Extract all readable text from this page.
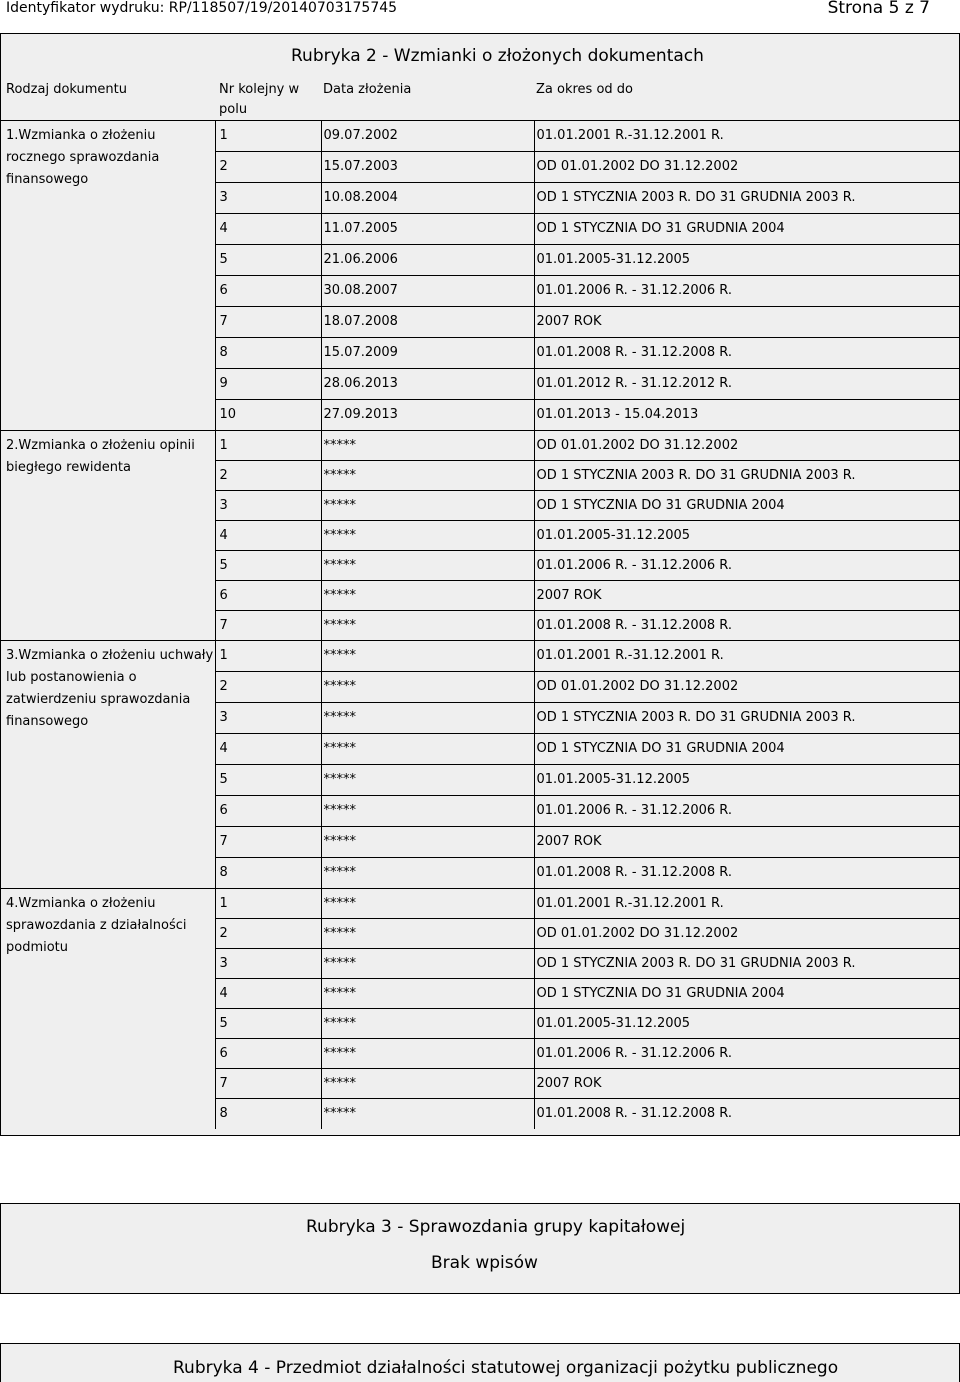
Identyfikator wydruku: RP/118507/19/20140703175745	Strona 5 z 7
Rubryka 2 - Wzmianki o złożonych dokumentach
Rodzaj dokumentu	Nr kolejny w polu	Data złożenia	Za okres od do
1.Wzmianka o złożeniu rocznego sprawozdania finansowego	1	09.07.2002	01.01.2001 R.-31.12.2001 R.
	2	15.07.2003	OD 01.01.2002 DO 31.12.2002
	3	10.08.2004	OD 1 STYCZNIA 2003 R. DO 31 GRUDNIA 2003 R.
	4	11.07.2005	OD 1 STYCZNIA DO 31 GRUDNIA 2004
	5	21.06.2006	01.01.2005-31.12.2005
	6	30.08.2007	01.01.2006 R. - 31.12.2006 R.
	7	18.07.2008	2007 ROK
	8	15.07.2009	01.01.2008 R. - 31.12.2008 R.
	9	28.06.2013	01.01.2012 R. - 31.12.2012 R.
	10	27.09.2013	01.01.2013 - 15.04.2013
2.Wzmianka o złożeniu opinii biegłego rewidenta	1	*****	OD 01.01.2002 DO 31.12.2002
	2	*****	OD 1 STYCZNIA 2003 R. DO 31 GRUDNIA 2003 R.
	3	*****	OD 1 STYCZNIA DO 31 GRUDNIA 2004
	4	*****	01.01.2005-31.12.2005
	5	*****	01.01.2006 R. - 31.12.2006 R.
	6	*****	2007 ROK
	7	*****	01.01.2008 R. - 31.12.2008 R.
3.Wzmianka o złożeniu uchwały lub postanowienia o zatwierdzeniu sprawozdania finansowego	1	*****	01.01.2001 R.-31.12.2001 R.
	2	*****	OD 01.01.2002 DO 31.12.2002
	3	*****	OD 1 STYCZNIA 2003 R. DO 31 GRUDNIA 2003 R.
	4	*****	OD 1 STYCZNIA DO 31 GRUDNIA 2004
	5	*****	01.01.2005-31.12.2005
	6	*****	01.01.2006 R. - 31.12.2006 R.
	7	*****	2007 ROK
	8	*****	01.01.2008 R. - 31.12.2008 R.
4.Wzmianka o złożeniu sprawozdania z działalności podmiotu	1	*****	01.01.2001 R.-31.12.2001 R.
	2	*****	OD 01.01.2002 DO 31.12.2002
	3	*****	OD 1 STYCZNIA 2003 R. DO 31 GRUDNIA 2003 R.
	4	*****	OD 1 STYCZNIA DO 31 GRUDNIA 2004
	5	*****	01.01.2005-31.12.2005
	6	*****	01.01.2006 R. - 31.12.2006 R.
	7	*****	2007 ROK
	8	*****	01.01.2008 R. - 31.12.2008 R.
Rubryka 3 - Sprawozdania grupy kapitałowej
Brak wpisów
Rubryka 4 - Przedmiot działalności statutowej organizacji pożytku publicznego
